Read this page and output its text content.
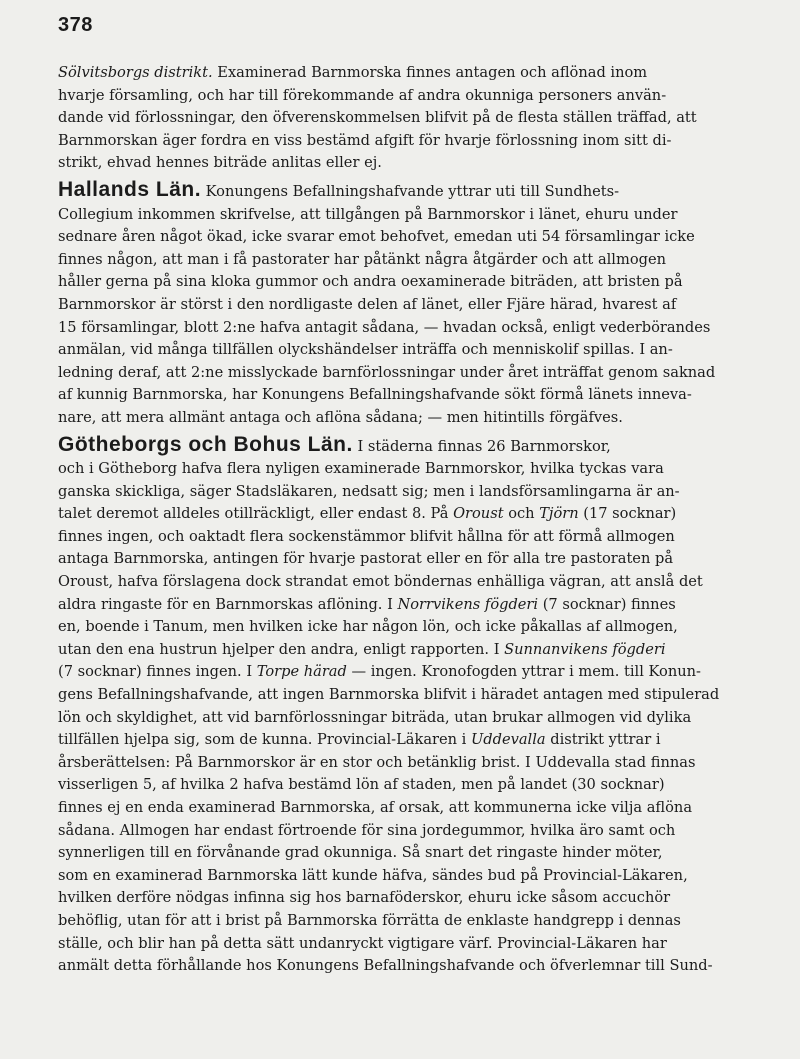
378
Sölvitsborgs distrikt. Examinerad Barnmorska finnes antagen och aflönad inom
hvarje församling, och har till förekommande af andra okunniga personers använ-
dande vid förlossningar, den öfverenskommelsen blifvit på de flesta ställen träffad, att
Barnmorskan äger fordra en viss bestämd afgift för hvarje förlossning inom sitt di-
strikt, ehvad hennes biträde anlitas eller ej.
Hallands Län. Konungens Befallningshafvande yttrar uti till Sundhets-
Collegium inkommen skrifvelse, att tillgången på Barnmorskor i länet, ehuru under
sednare åren något ökad, icke svarar emot behofvet, emedan uti 54 församlingar icke
finnes någon, att man i få pastorater har påtänkt några åtgärder och att allmogen
håller gerna på sina kloka gummor och andra oexaminerade biträden, att bristen på
Barnmorskor är störst i den nordligaste delen af länet, eller Fjäre härad, hvarest af
15 församlingar, blott 2:ne hafva antagit sådana, — hvadan också, enligt vederbörandes
anmälan, vid många tillfällen olyckshändelser inträffa och menniskolif spillas. I an-
ledning deraf, att 2:ne misslyckade barnförlossningar under året inträffat genom saknad
af kunnig Barnmorska, har Konungens Befallningshafvande sökt förmå länets inneva-
nare, att mera allmänt antaga och aflöna sådana; — men hitintills förgäfves.
Götheborgs och Bohus Län. I städerna finnas 26 Barnmorskor,
och i Götheborg hafva flera nyligen examinerade Barnmorskor, hvilka tyckas vara
ganska skickliga, säger Stadsläkaren, nedsatt sig; men i landsförsamlingarna är an-
talet deremot alldeles otillräckligt, eller endast 8. På Oroust och Tjörn (17 socknar)
finnes ingen, och oaktadt flera sockenstämmor blifvit hållna för att förmå allmogen
antaga Barnmorska, antingen för hvarje pastorat eller en för alla tre pastoraten på
Oroust, hafva förslagena dock strandat emot böndernas enhälliga vägran, att anslå det
aldra ringaste för en Barnmorskas aflöning. I Norrvikens fögderi (7 socknar) finnes
en, boende i Tanum, men hvilken icke har någon lön, och icke påkallas af allmogen,
utan den ena hustrun hjelper den andra, enligt rapporten. I Sunnanvikens fögderi
(7 socknar) finnes ingen. I Torpe härad — ingen. Kronofogden yttrar i mem. till Konun-
gens Befallningshafvande, att ingen Barnmorska blifvit i häradet antagen med stipulerad
lön och skyldighet, att vid barnförlossningar biträda, utan brukar allmogen vid dylika
tillfällen hjelpa sig, som de kunna. Provincial-Läkaren i Uddevalla distrikt yttrar i
årsberättelsen: På Barnmorskor är en stor och betänklig brist. I Uddevalla stad finnas
visserligen 5, af hvilka 2 hafva bestämd lön af staden, men på landet (30 socknar)
finnes ej en enda examinerad Barnmorska, af orsak, att kommunerna icke vilja aflöna
sådana. Allmogen har endast förtroende för sina jordegummor, hvilka äro samt och
synnerligen till en förvånande grad okunniga. Så snart det ringaste hinder möter,
som en examinerad Barnmorska lätt kunde häfva, sändes bud på Provincial-Läkaren,
hvilken derföre nödgas infinna sig hos barnaföderskor, ehuru icke såsom accuchör
behöflig, utan för att i brist på Barnmorska förrätta de enklaste handgrepp i dennas
ställe, och blir han på detta sätt undanryckt vigtigare värf. Provincial-Läkaren har
anmält detta förhållande hos Konungens Befallningshafvande och öfverlemnar till Sund-
